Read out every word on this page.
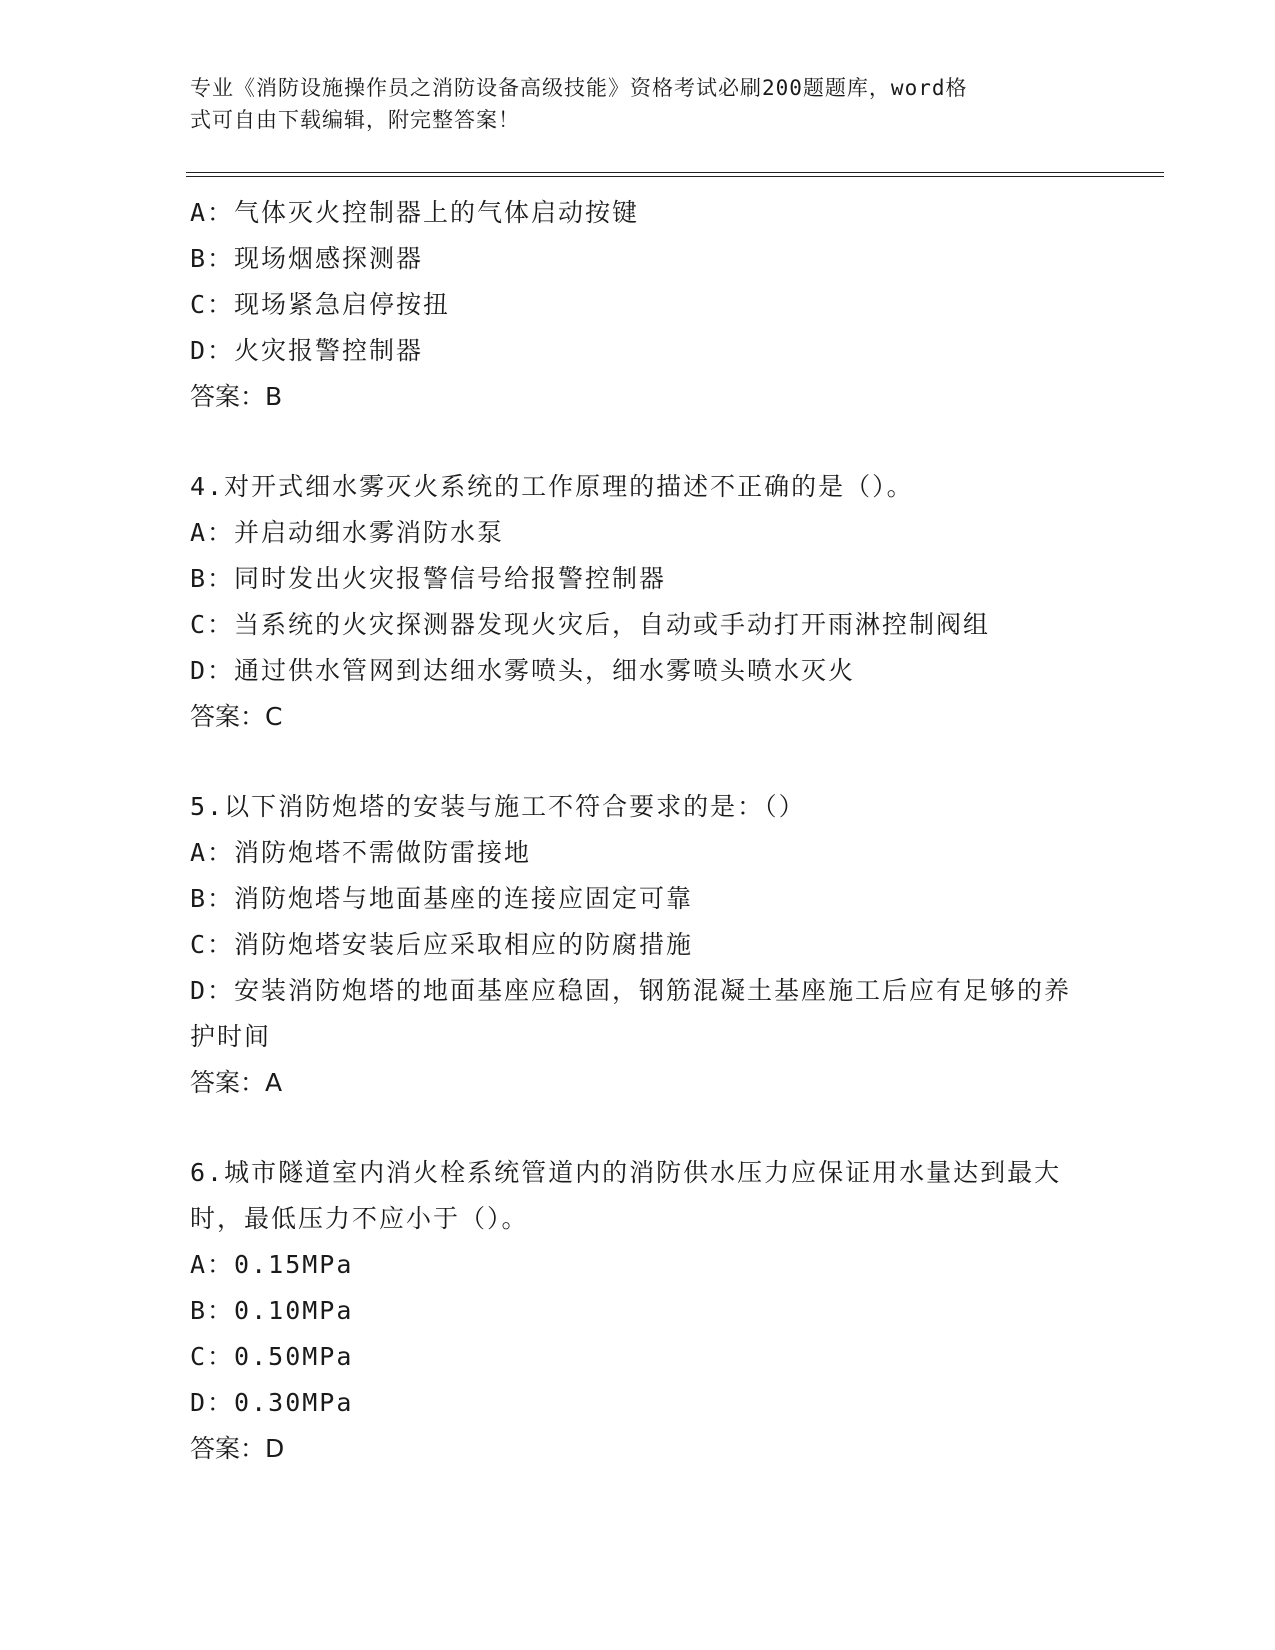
专业《消防设施操作员之消防设备高级技能》资格考试必刷200题题库，word格
式可自由下载编辑，附完整答案！
A：气体灭火控制器上的气体启动按键
B：现场烟感探测器
C：现场紧急启停按扭
D：火灾报警控制器
答案：B
4.对开式细水雾灭火系统的工作原理的描述不正确的是（）。
A：并启动细水雾消防水泵
B：同时发出火灾报警信号给报警控制器
C：当系统的火灾探测器发现火灾后，自动或手动打开雨淋控制阀组
D：通过供水管网到达细水雾喷头，细水雾喷头喷水灭火
答案：C
5.以下消防炮塔的安装与施工不符合要求的是：（）
A：消防炮塔不需做防雷接地
B：消防炮塔与地面基座的连接应固定可靠
C：消防炮塔安装后应采取相应的防腐措施
D：安装消防炮塔的地面基座应稳固，钢筋混凝土基座施工后应有足够的养护时间
答案：A
6.城市隧道室内消火栓系统管道内的消防供水压力应保证用水量达到最大时，最低压力不应小于（）。
A：0.15MPa
B：0.10MPa
C：0.50MPa
D：0.30MPa
答案：D
